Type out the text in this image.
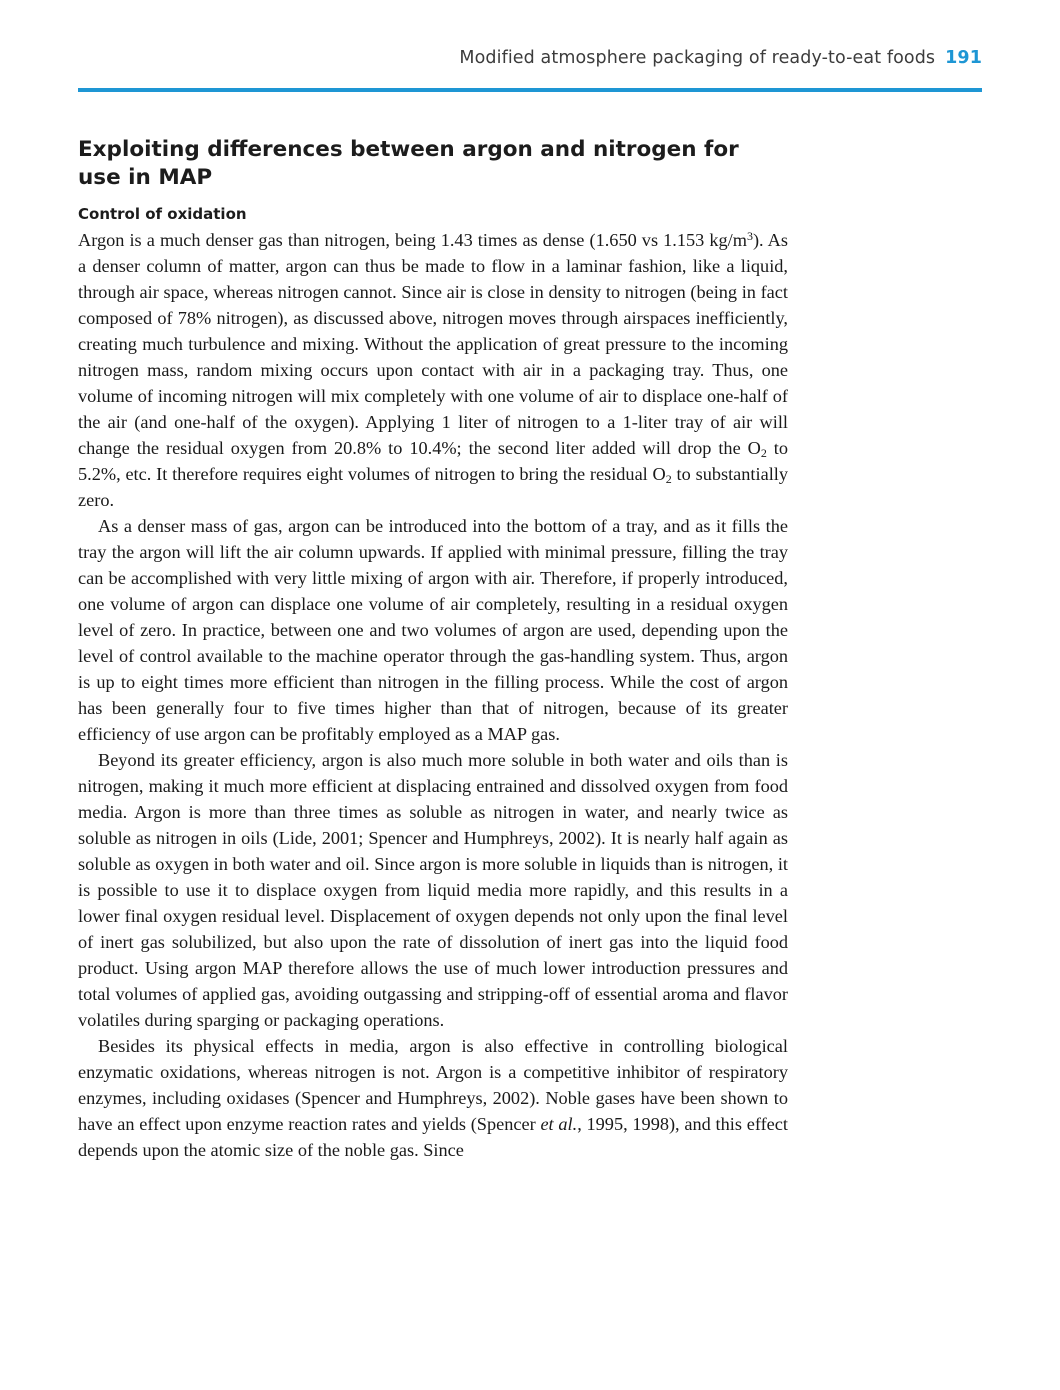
Modified atmosphere packaging of ready-to-eat foods 191
Exploiting differences between argon and nitrogen for use in MAP
Control of oxidation

Argon is a much denser gas than nitrogen, being 1.43 times as dense (1.650 vs 1.153 $kg/m^3$). As a denser column of matter, argon can thus be made to flow in a laminar fashion, like a liquid, through air space, whereas nitrogen cannot. Since air is close in density to nitrogen (being in fact composed of 78% nitrogen), as discussed above, nitrogen moves through airspaces inefficiently, creating much turbulence and mixing. Without the application of great pressure to the incoming nitrogen mass, random mixing occurs upon contact with air in a packaging tray. Thus, one volume of incoming nitrogen will mix completely with one volume of air to displace one-half of the air (and one-half of the oxygen). Applying 1 liter of nitrogen to a 1-liter tray of air will change the residual oxygen from 20.8% to 10.4%; the second liter added will drop the $O_2$ to 5.2%, etc. It therefore requires eight volumes of nitrogen to bring the residual $O_2$ to substantially zero.

As a denser mass of gas, argon can be introduced into the bottom of a tray, and as it fills the tray the argon will lift the air column upwards. If applied with minimal pressure, filling the tray can be accomplished with very little mixing of argon with air. Therefore, if properly introduced, one volume of argon can displace one volume of air completely, resulting in a residual oxygen level of zero. In practice, between one and two volumes of argon are used, depending upon the level of control available to the machine operator through the gas-handling system. Thus, argon is up to eight times more efficient than nitrogen in the filling process. While the cost of argon has been generally four to five times higher than that of nitrogen, because of its greater efficiency of use argon can be profitably employed as a MAP gas.

Beyond its greater efficiency, argon is also much more soluble in both water and oils than is nitrogen, making it much more efficient at displacing entrained and dissolved oxygen from food media. Argon is more than three times as soluble as nitrogen in water, and nearly twice as soluble as nitrogen in oils (Lide, 2001; Spencer and Humphreys, 2002). It is nearly half again as soluble as oxygen in both water and oil. Since argon is more soluble in liquids than is nitrogen, it is possible to use it to displace oxygen from liquid media more rapidly, and this results in a lower final oxygen residual level. Displacement of oxygen depends not only upon the final level of inert gas solubilized, but also upon the rate of dissolution of inert gas into the liquid food product. Using argon MAP therefore allows the use of much lower introduction pressures and total volumes of applied gas, avoiding outgassing and stripping-off of essential aroma and flavor volatiles during sparging or packaging operations.

Besides its physical effects in media, argon is also effective in controlling biological enzymatic oxidations, whereas nitrogen is not. Argon is a competitive inhibitor of respiratory enzymes, including oxidases (Spencer and Humphreys, 2002). Noble gases have been shown to have an effect upon enzyme reaction rates and yields (Spencer et al., 1995, 1998), and this effect depends upon the atomic size of the noble gas. Since
